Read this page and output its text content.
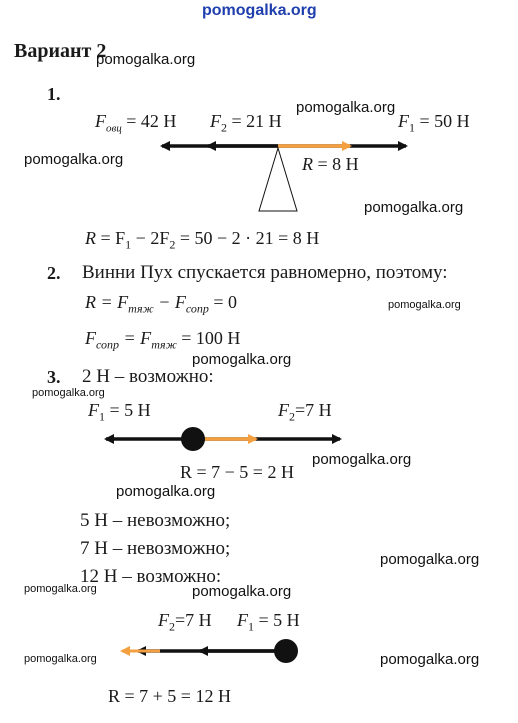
pomogalka.org
Вариант 2
1.
$F_{овц} = 42$ Н $F_2 = 21$ Н	$F_1 = 50$ Н
R = 8 Н
$R = F_1 - 2F_2 = 50 - 2 \cdot 21 = 8$ Н
2. Винни Пух спускается равномерно, поэтому:
$R = F_{тяж} - F_{сопр} = 0$
$F_{сопр} = F_{тяж} = 100$ Н
3. 2 Н – возможно:
$F_1 = 5$ Н	$F_2=7$ Н
R = 7 − 5 = 2 Н
5 Н – невозможно;
7 Н – невозможно;
12 Н – возможно:
$F_2=7$ Н $F_1 = 5$ Н
R = 7 + 5 = 12 Н
pomogalka.org
pomogalka.org
pomogalka.org
pomogalka.org
pomogalka.org
pomogalka.org
pomogalka.org
pomogalka.org
pomogalka.org
pomogalka.org
pomogalka.org	pomogalka.org
pomogalka.org	pomogalka.org
